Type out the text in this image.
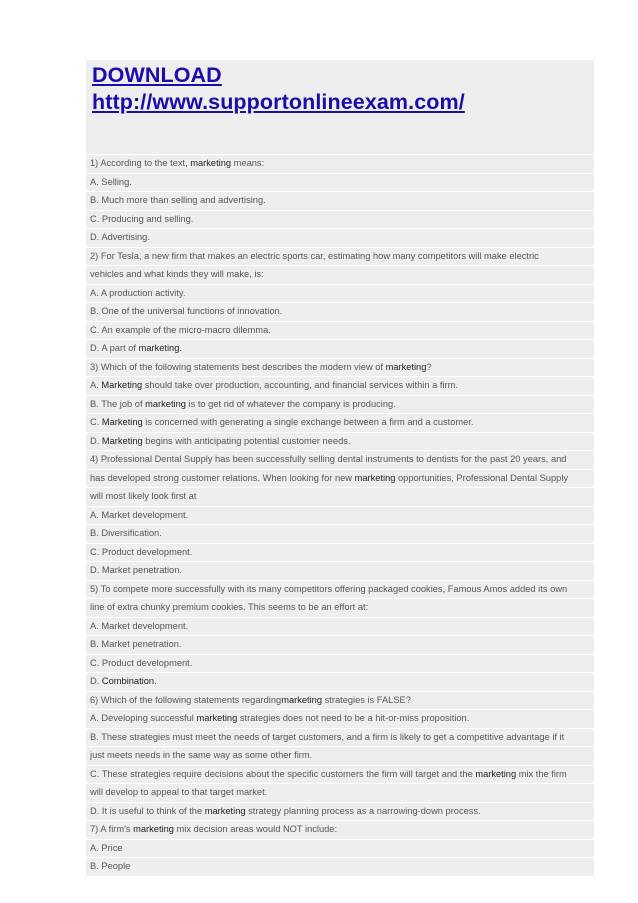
DOWNLOAD
http://www.supportonlineexam.com/
1) According to the text, marketing means:
A. Selling.
B. Much more than selling and advertising.
C. Producing and selling.
D. Advertising.
2) For Tesla, a new firm that makes an electric sports car, estimating how many competitors will make electric
vehicles and what kinds they will make, is:
A. A production activity.
B. One of the universal functions of innovation.
C. An example of the micro-macro dilemma.
D. A part of marketing.
3) Which of the following statements best describes the modern view of marketing?
A. Marketing should take over production, accounting, and financial services within a firm.
B. The job of marketing is to get rid of whatever the company is producing.
C. Marketing is concerned with generating a single exchange between a firm and a customer.
D. Marketing begins with anticipating potential customer needs.
4) Professional Dental Supply has been successfully selling dental instruments to dentists for the past 20 years, and
has developed strong customer relations. When looking for new marketing opportunities, Professional Dental Supply
will most likely look first at
A. Market development.
B. Diversification.
C. Product development.
D. Market penetration.
5) To compete more successfully with its many competitors offering packaged cookies, Famous Amos added its own
line of extra chunky premium cookies. This seems to be an effort at:
A. Market development.
B. Market penetration.
C. Product development.
D. Combination.
6) Which of the following statements regardingmarketing strategies is FALSE?
A. Developing successful marketing strategies does not need to be a hit-or-miss proposition.
B. These strategies must meet the needs of target customers, and a firm is likely to get a competitive advantage if it
just meets needs in the same way as some other firm.
C. These strategies require decisions about the specific customers the firm will target and the marketing mix the firm
will develop to appeal to that target market.
D. It is useful to think of the marketing strategy planning process as a narrowing-down process.
7) A firm's marketing mix decision areas would NOT include:
A. Price
B. People
